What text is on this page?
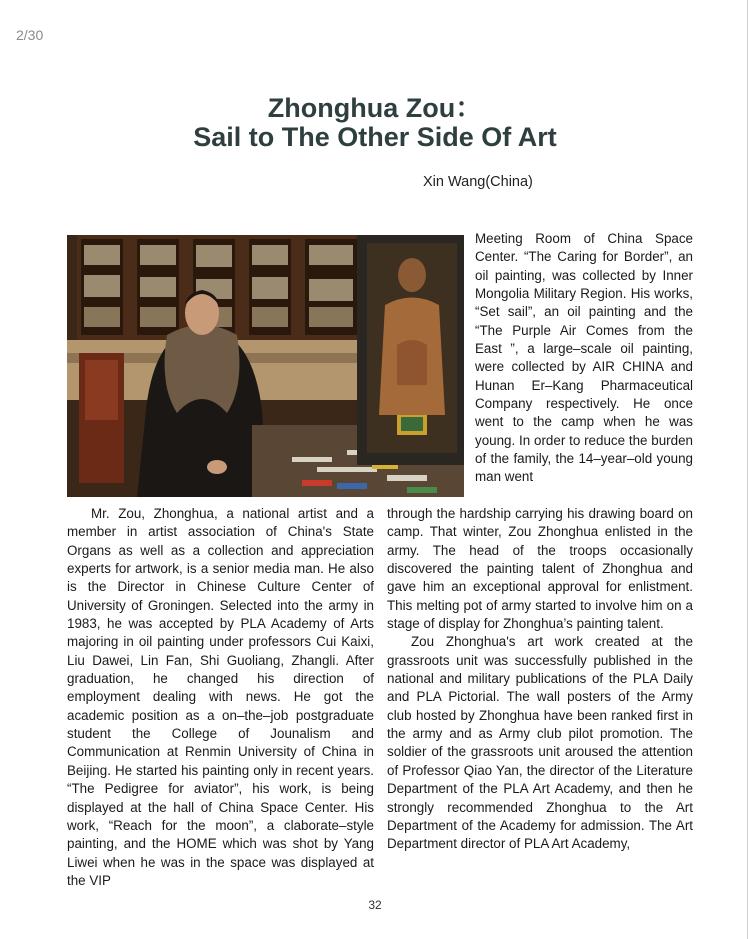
2/30
Zhonghua Zou：
Sail to The Other Side Of Art
Xin Wang(China)

Meeting Room of China Space Center. “The Caring for Border”, an oil painting, was collected by Inner Mongolia Military Region. His works, “Set sail”, an oil painting and the “The Purple Air Comes from the East ”, a large–scale oil painting, were collected by AIR CHINA and Hunan Er–Kang Pharmaceutical Company respectively. He once went to the camp when he was young. In order to reduce the burden of the family, the 14–year–old young man went

Mr. Zou, Zhonghua, a national artist and a member in artist association of China's State Organs as well as a collection and appreciation experts for artwork, is a senior media man. He also is the Director in Chinese Culture Center of University of Groningen. Selected into the army in 1983, he was accepted by PLA Academy of Arts majoring in oil painting under professors Cui Kaixi, Liu Dawei, Lin Fan, Shi Guoliang, Zhangli. After graduation, he changed his direction of employment dealing with news. He got the academic position as a on–the–job postgraduate student the College of Jounalism and Communication at Renmin University of China in Beijing. He started his painting only in recent years. “The Pedigree for aviator”, his work, is being displayed at the hall of China Space Center. His work, “Reach for the moon”, a claborate–style painting, and the HOME which was shot by Yang Liwei when he was in the space was displayed at the VIP

through the hardship carrying his drawing board on camp. That winter, Zou Zhonghua enlisted in the army. The head of the troops occasionally discovered the painting talent of Zhonghua and gave him an exceptional approval for enlistment. This melting pot of army started to involve him on a stage of display for Zhonghua’s painting talent.

Zou Zhonghua's art work created at the grassroots unit was successfully published in the national and military publications of the PLA Daily and PLA Pictorial. The wall posters of the Army club hosted by Zhonghua have been ranked first in the army and as Army club pilot promotion. The soldier of the grassroots unit aroused the attention of Professor Qiao Yan, the director of the Literature Department of the PLA Art Academy, and then he strongly recommended Zhonghua to the Art Department of the Academy for admission. The Art Department director of PLA Art Academy,

32
